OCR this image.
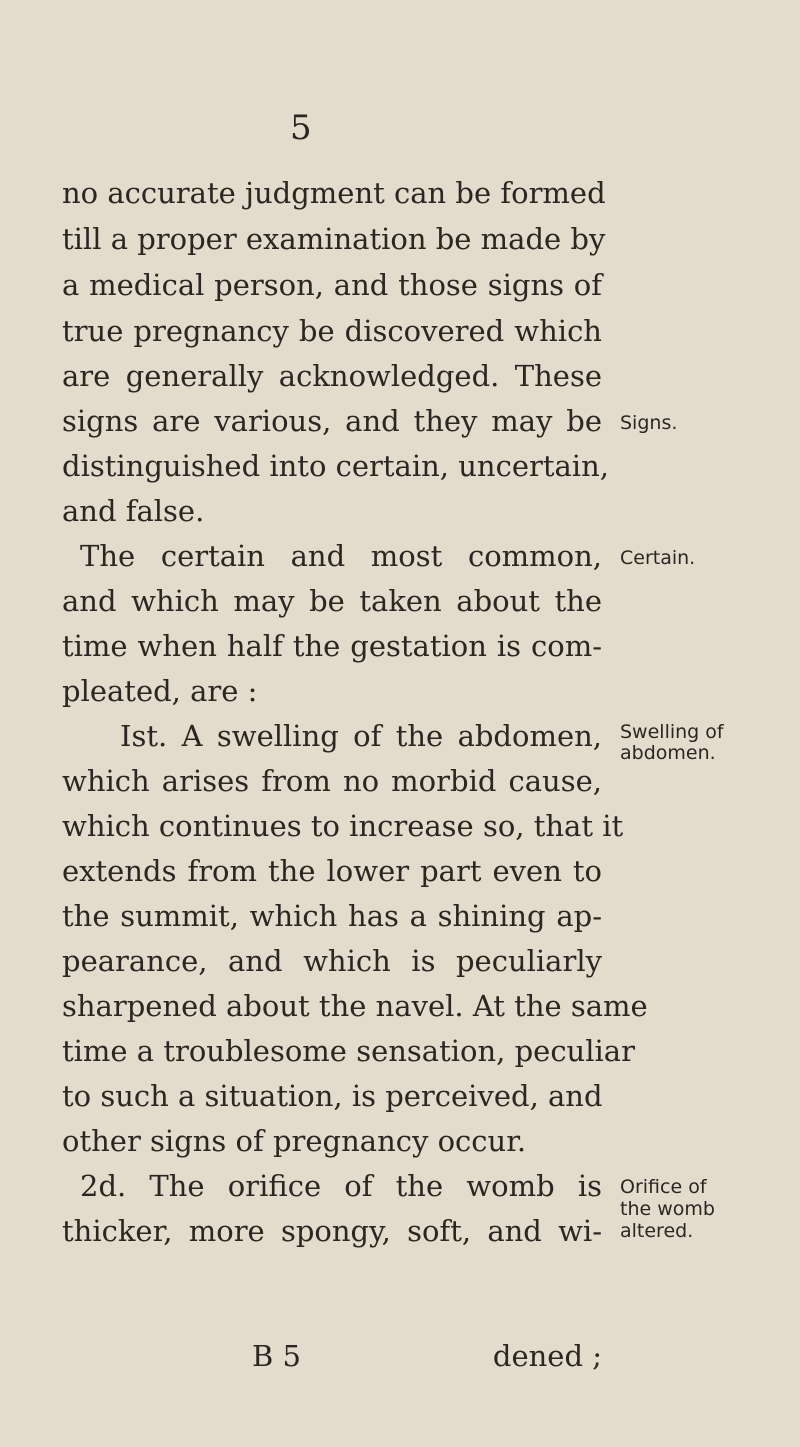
5
no accurate judgment can be formed
till a proper examination be made by
a medical person, and those signs of
true pregnancy be discovered which
are generally acknowledged. These
signs are various, and they may be
distinguished into certain, uncertain,
and false.
The certain and most common,
and which may be taken about the
time when half the gestation is com-
pleated, are :
Ist. A swelling of the abdomen,
which arises from no morbid cause,
which continues to increase so, that it
extends from the lower part even to
the summit, which has a shining ap-
pearance, and which is peculiarly
sharpened about the navel. At the same
time a troublesome sensation, peculiar
to such a situation, is perceived, and
other signs of pregnancy occur.
2d. The orifice of the womb is
thicker, more spongy, soft, and wi-
B 5	dened ;
Signs.
Certain.
Swelling of
abdomen.
Orifice of
the womb
altered.
